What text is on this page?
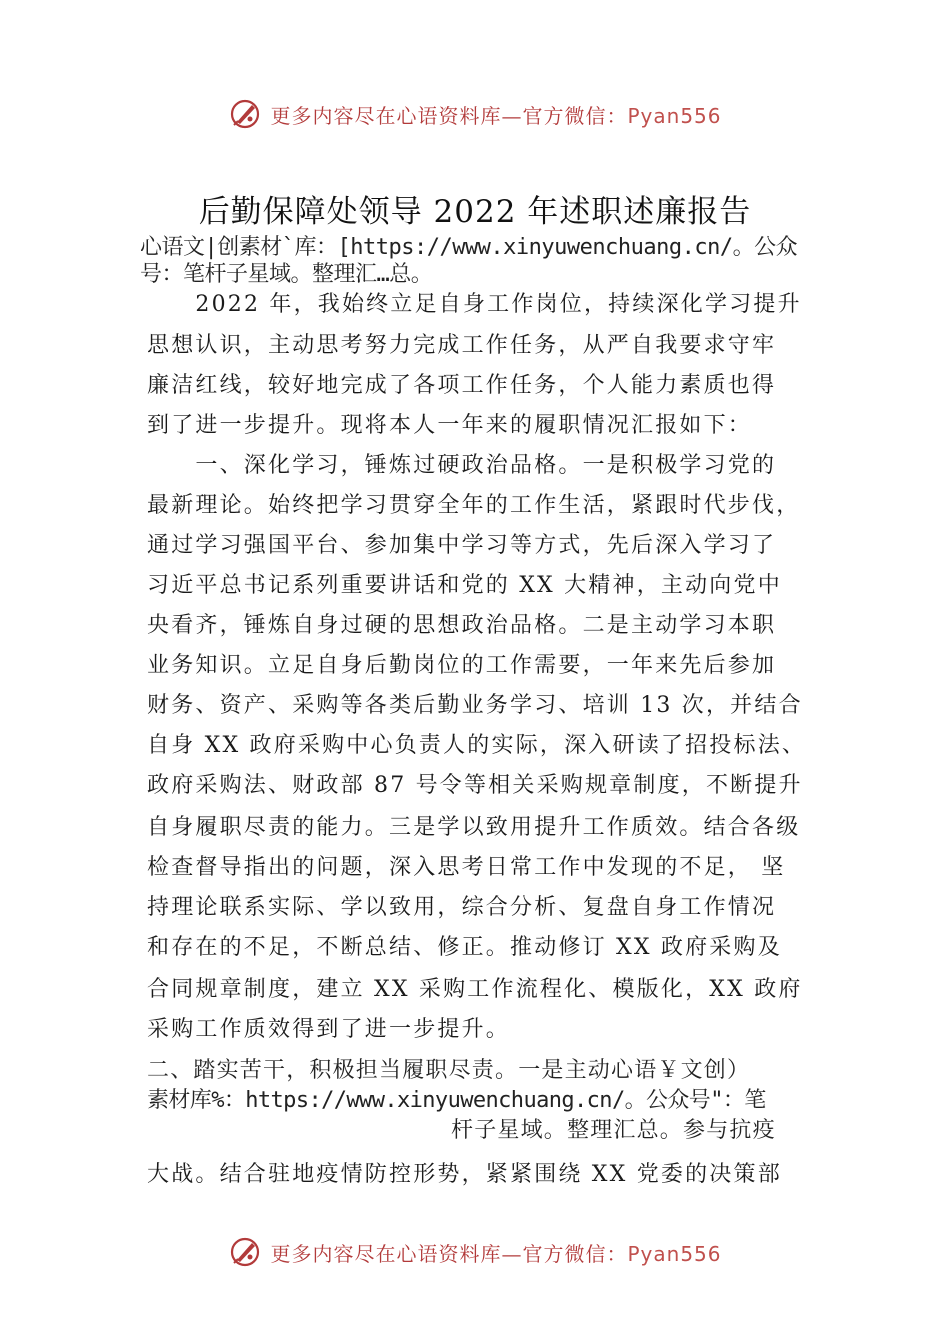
更多内容尽在心语资料库—官方微信：Pyan556
后勤保障处领导 2022 年述职述廉报告
心语文|创素材`库：[https://www.xinyuwenchuang.cn/。公众
号：笔杆子星域。整理汇…总。
　　2022 年，我始终立足自身工作岗位，持续深化学习提升
思想认识，主动思考努力完成工作任务，从严自我要求守牢
廉洁红线，较好地完成了各项工作任务，个人能力素质也得
到了进一步提升。现将本人一年来的履职情况汇报如下：
　　一、深化学习，锤炼过硬政治品格。一是积极学习党的
最新理论。始终把学习贯穿全年的工作生活，紧跟时代步伐，
通过学习强国平台、参加集中学习等方式，先后深入学习了
习近平总书记系列重要讲话和党的 XX 大精神，主动向党中
央看齐，锤炼自身过硬的思想政治品格。二是主动学习本职
业务知识。立足自身后勤岗位的工作需要，一年来先后参加
财务、资产、采购等各类后勤业务学习、培训 13 次，并结合
自身 XX 政府采购中心负责人的实际，深入研读了招投标法、
政府采购法、财政部 87 号令等相关采购规章制度，不断提升
自身履职尽责的能力。三是学以致用提升工作质效。结合各级
检查督导指出的问题，深入思考日常工作中发现的不足， 坚
持理论联系实际、学以致用，综合分析、复盘自身工作情况
和存在的不足，不断总结、修正。推动修订 XX 政府采购及
合同规章制度，建立 XX 采购工作流程化、模版化，XX 政府
采购工作质效得到了进一步提升。
二、踏实苦干，积极担当履职尽责。一是主动心语￥文创）
素材库%：https://www.xinyuwenchuang.cn/。公众号"：笔
杆子星域。整理汇总。参与抗疫
大战。结合驻地疫情防控形势，紧紧围绕 XX 党委的决策部
更多内容尽在心语资料库—官方微信：Pyan556
